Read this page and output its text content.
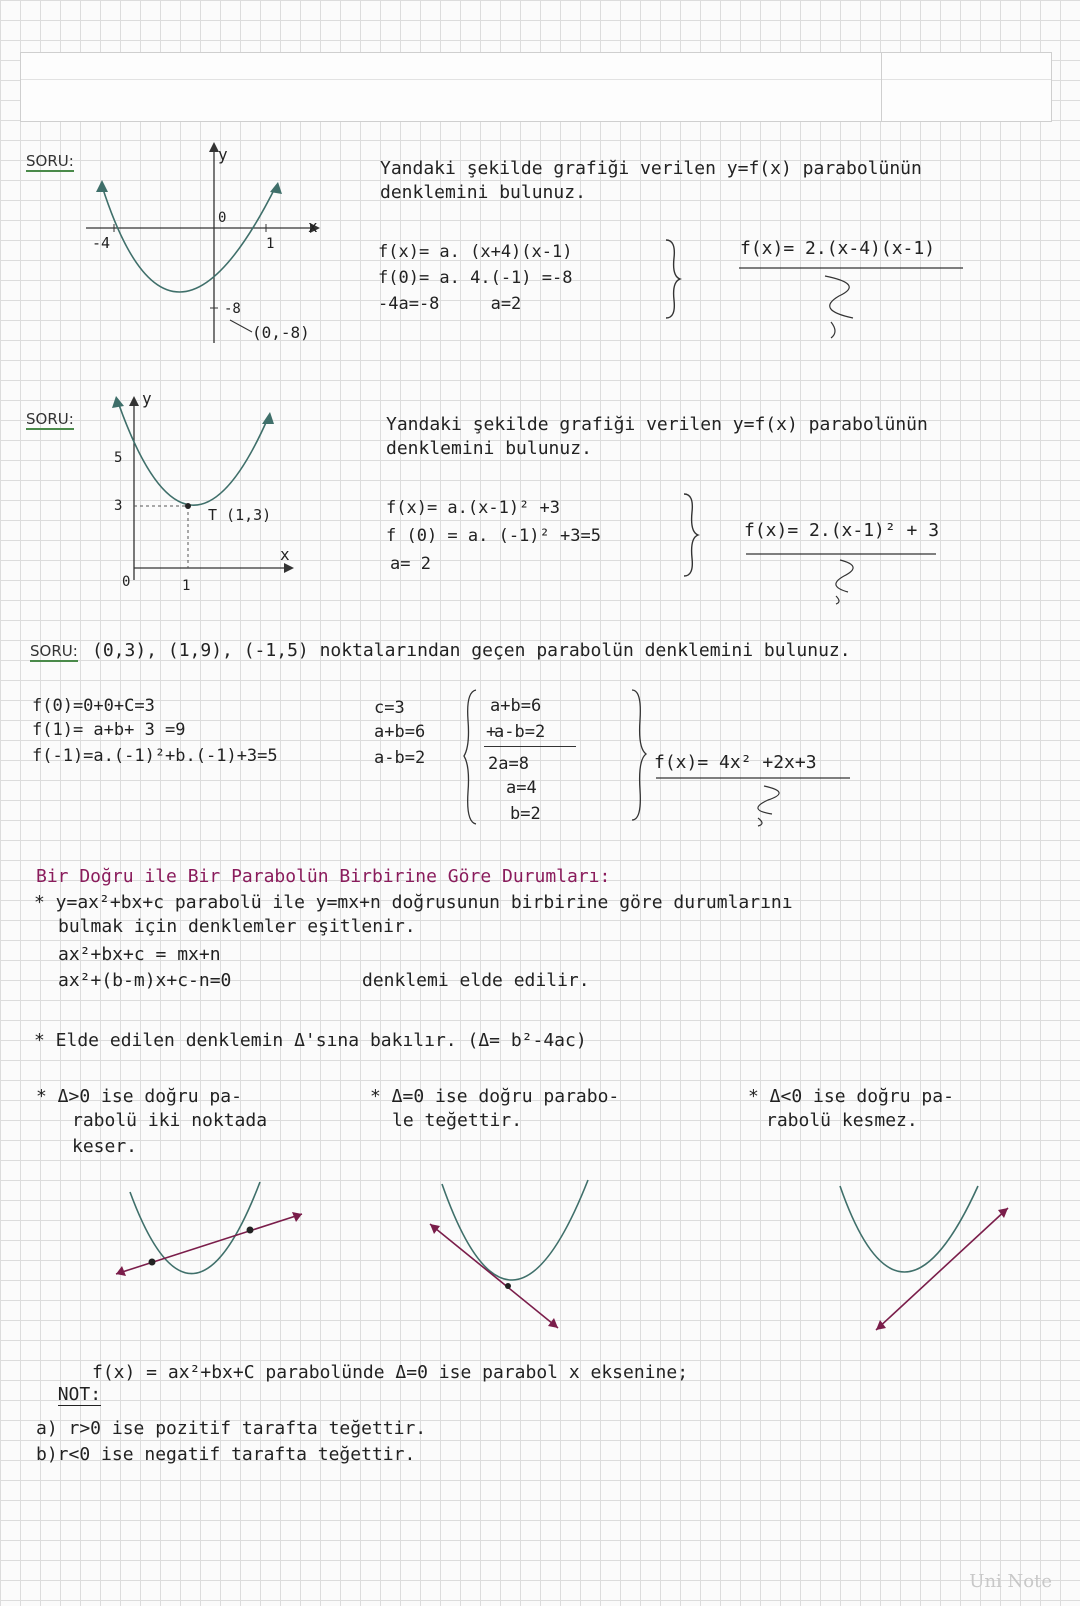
SORU:	y
x
0
-4	1
-8
(0,-8)
Yandaki şekilde grafiği verilen y=f(x) parabolünün
denklemini bulunuz.
f(x)= a. (x+4)(x-1)
f(0)= a. 4.(-1) =-8
-4a=-8     a=2
f(x)= 2.(x-4)(x-1)
SORU:
y
x
5
3
0	1
T (1,3)
Yandaki şekilde grafiği verilen y=f(x) parabolünün
denklemini bulunuz.
f(x)= a.(x-1)² +3
f (0) = a. (-1)² +3=5
a= 2
f(x)= 2.(x-1)² + 3
SORU: (0,3), (1,9), (-1,5) noktalarından geçen parabolün denklemini bulunuz.
f(0)=0+0+C=3
f(1)= a+b+ 3 =9
f(-1)=a.(-1)²+b.(-1)+3=5
c=3
a+b=6
a-b=2
a+b=6
+
a-b=2
2a=8
a=4
b=2
f(x)= 4x² +2x+3
Bir Doğru ile Bir Parabolün Birbirine Göre Durumları:
* y=ax²+bx+c parabolü ile y=mx+n doğrusunun birbirine göre durumlarını
bulmak için denklemler eşitlenir.
ax²+bx+c = mx+n
ax²+(b-m)x+c-n=0	denklemi elde edilir.
* Elde edilen denklemin Δ'sına bakılır. (Δ= b²-4ac)
* Δ>0 ise doğru pa-
rabolü iki noktada
keser.
* Δ=0 ise doğru parabo-
le teğettir.
* Δ<0 ise doğru pa-
rabolü kesmez.

NOT:

f(x) = ax²+bx+C parabolünde Δ=0 ise parabol x eksenine;
a) r>0 ise pozitif tarafta teğettir.
b)r<0 ise negatif tarafta teğettir.
Uni Note
